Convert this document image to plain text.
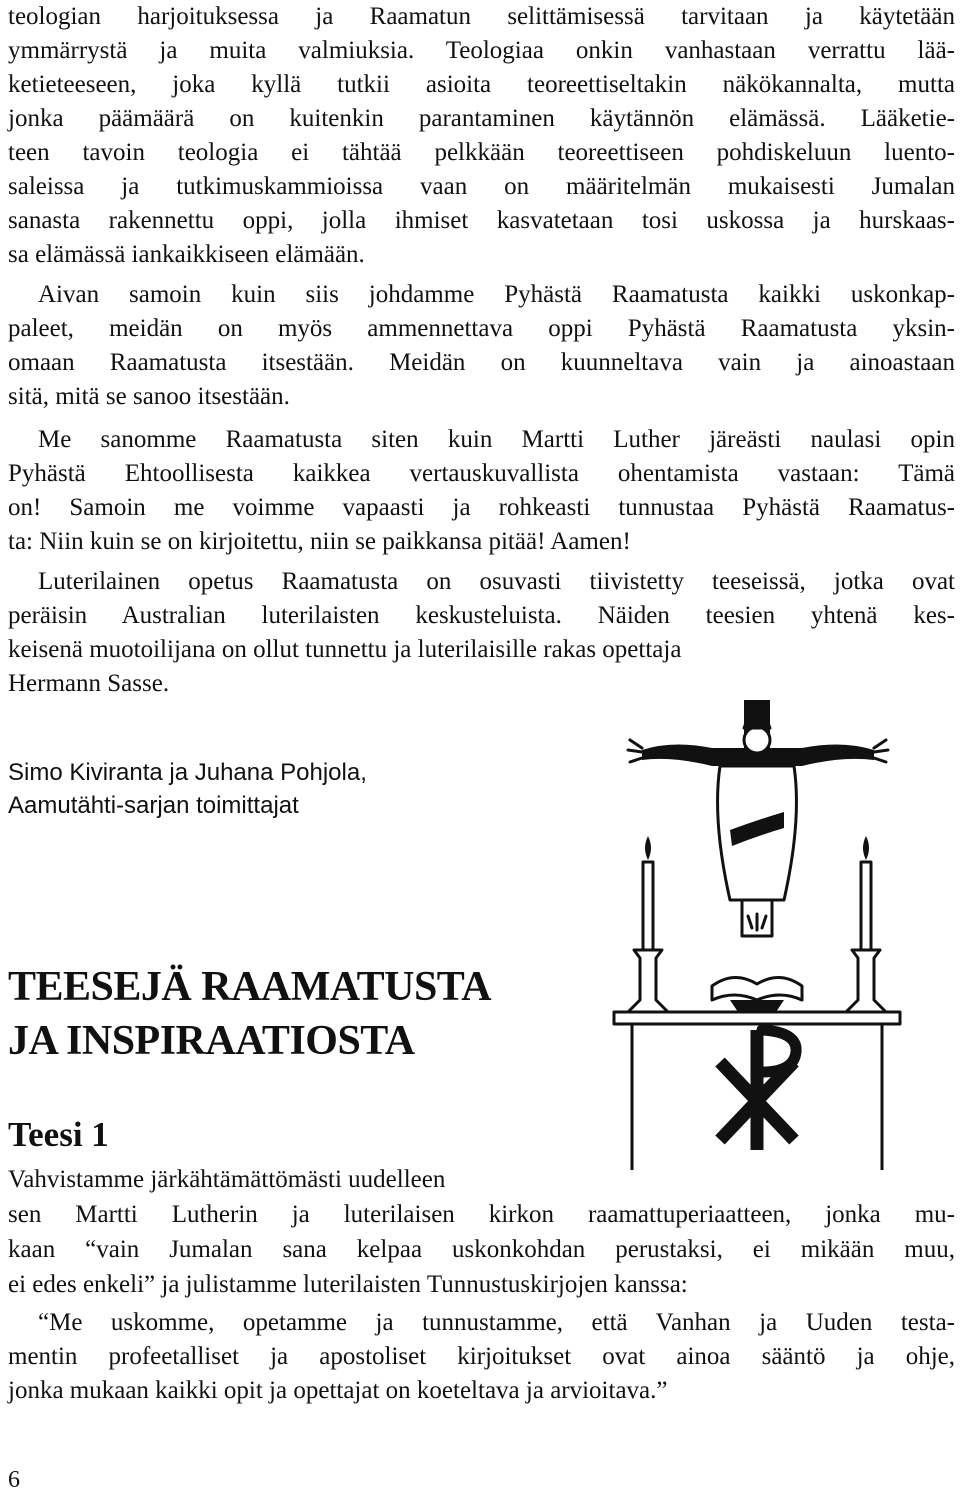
teologian harjoituksessa ja Raamatun selittämisessä tarvitaan ja käytetään
ymmärrystä ja muita valmiuksia. Teologiaa onkin vanhastaan verrattu lää-
ketieteeseen, joka kyllä tutkii asioita teoreettiseltakin näkökannalta, mutta
jonka päämäärä on kuitenkin parantaminen käytännön elämässä. Lääketie-
teen tavoin teologia ei tähtää pelkkään teoreettiseen pohdiskeluun luento-
saleissa ja tutkimuskammioissa vaan on määritelmän mukaisesti Jumalan
sanasta rakennettu oppi, jolla ihmiset kasvatetaan tosi uskossa ja hurskaas-
sa elämässä iankaikkiseen elämään.
Aivan samoin kuin siis johdamme Pyhästä Raamatusta kaikki uskonkap-
paleet, meidän on myös ammennettava oppi Pyhästä Raamatusta yksin-
omaan Raamatusta itsestään. Meidän on kuunneltava vain ja ainoastaan
sitä, mitä se sanoo itsestään.
Me sanomme Raamatusta siten kuin Martti Luther järeästi naulasi opin
Pyhästä Ehtoollisesta kaikkea vertauskuvallista ohentamista vastaan: Tämä
on! Samoin me voimme vapaasti ja rohkeasti tunnustaa Pyhästä Raamatus-
ta: Niin kuin se on kirjoitettu, niin se paikkansa pitää! Aamen!
Luterilainen opetus Raamatusta on osuvasti tiivistetty teeseissä, jotka ovat
peräisin Australian luterilaisten keskusteluista. Näiden teesien yhtenä kes-
keisenä muotoilijana on ollut tunnettu ja luterilaisille rakas opettaja
Hermann Sasse.
Simo Kiviranta ja Juhana Pohjola,
Aamutähti-sarjan toimittajat
TEESEJÄ RAAMATUSTA
JA INSPIRAATIOSTA
Teesi 1
Vahvistamme järkähtämättömästi uudelleen
sen Martti Lutherin ja luterilaisen kirkon raamattuperiaatteen, jonka mu-
kaan “vain Jumalan sana kelpaa uskonkohdan perustaksi, ei mikään muu,
ei edes enkeli” ja julistamme luterilaisten Tunnustuskirjojen kanssa:
“Me uskomme, opetamme ja tunnustamme, että Vanhan ja Uuden testa-
mentin profeetalliset ja apostoliset kirjoitukset ovat ainoa sääntö ja ohje,
jonka mukaan kaikki opit ja opettajat on koeteltava ja arvioitava.”
6
